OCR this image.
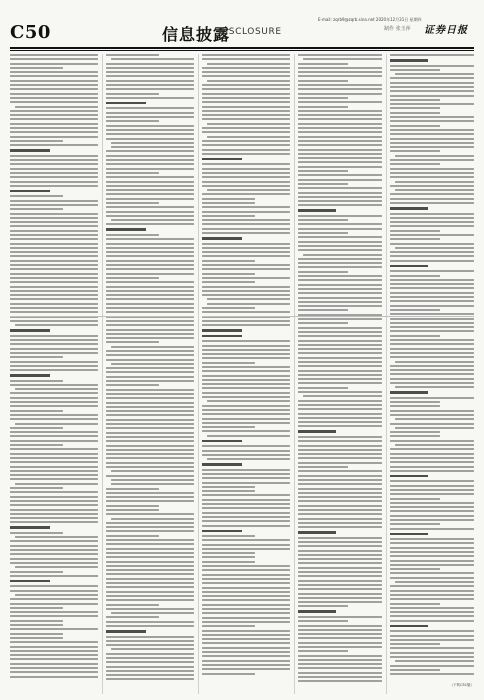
C50	信息披露
DISCLOSURE	制作 张玉萍 证券日报
E-mail: zqrb9@zqrb.sina.net 2020年12月31日 星期四
（下转C51版）
